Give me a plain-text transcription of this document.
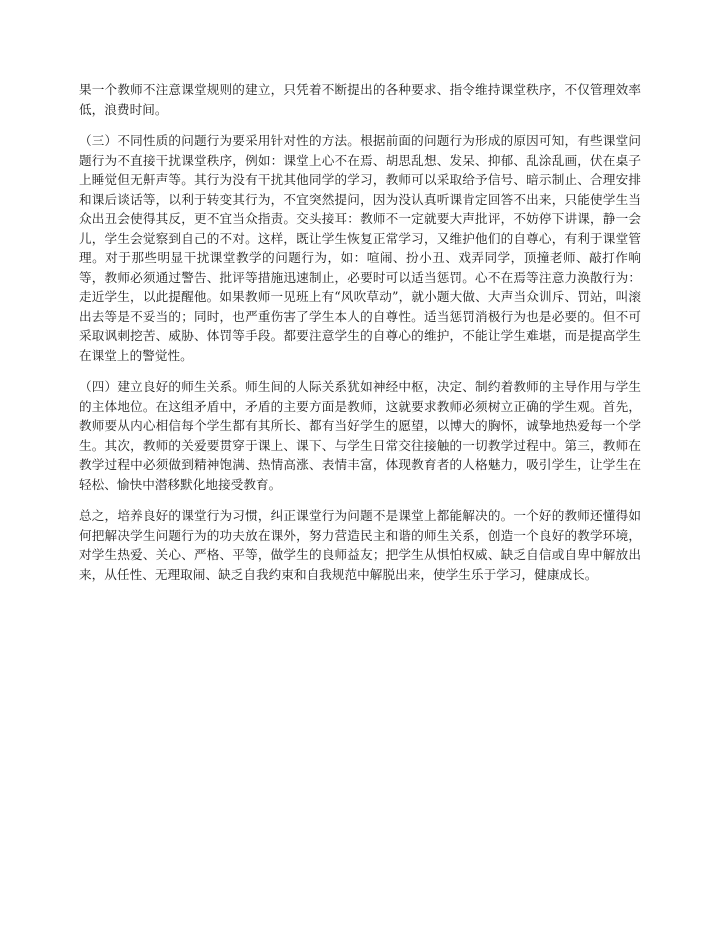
果一个教师不注意课堂规则的建立，只凭着不断提出的各种要求、指令维持课堂秩序，不仅管理效率低，浪费时间。

（三）不同性质的问题行为要采用针对性的方法。根据前面的问题行为形成的原因可知，有些课堂问题行为不直接干扰课堂秩序，例如：课堂上心不在焉、胡思乱想、发呆、抑郁、乱涂乱画，伏在桌子上睡觉但无鼾声等。其行为没有干扰其他同学的学习，教师可以采取给予信号、暗示制止、合理安排和课后谈话等，以利于转变其行为，不宜突然提问，因为没认真听课肯定回答不出来，只能使学生当众出丑会使得其反，更不宜当众指责。交头接耳：教师不一定就要大声批评，不妨停下讲课，静一会儿，学生会觉察到自己的不对。这样，既让学生恢复正常学习，又维护他们的自尊心，有利于课堂管理。对于那些明显干扰课堂教学的问题行为，如：喧闹、扮小丑、戏弄同学，顶撞老师、敲打作响等，教师必须通过警告、批评等措施迅速制止，必要时可以适当惩罚。心不在焉等注意力涣散行为：走近学生，以此提醒他。如果教师一见班上有“风吹草动”，就小题大做、大声当众训斥、罚站，叫滚出去等是不妥当的；同时，也严重伤害了学生本人的自尊性。适当惩罚消极行为也是必要的。但不可采取讽刺挖苦、威胁、体罚等手段。都要注意学生的自尊心的维护，不能让学生难堪，而是提高学生在课堂上的警觉性。

（四）建立良好的师生关系。师生间的人际关系犹如神经中枢，决定、制约着教师的主导作用与学生的主体地位。在这组矛盾中，矛盾的主要方面是教师，这就要求教师必须树立正确的学生观。首先，教师要从内心相信每个学生都有其所长、都有当好学生的愿望，以博大的胸怀，诚挚地热爱每一个学生。其次，教师的关爱要贯穿于课上、课下、与学生日常交往接触的一切教学过程中。第三，教师在教学过程中必须做到精神饱满、热情高涨、表情丰富，体现教育者的人格魅力，吸引学生，让学生在轻松、愉快中潜移默化地接受教育。

总之，培养良好的课堂行为习惯，纠正课堂行为问题不是课堂上都能解决的。一个好的教师还懂得如何把解决学生问题行为的功夫放在课外，努力营造民主和谐的师生关系，创造一个良好的教学环境，对学生热爱、关心、严格、平等，做学生的良师益友；把学生从惧怕权威、缺乏自信或自卑中解放出来，从任性、无理取闹、缺乏自我约束和自我规范中解脱出来，使学生乐于学习，健康成长。
